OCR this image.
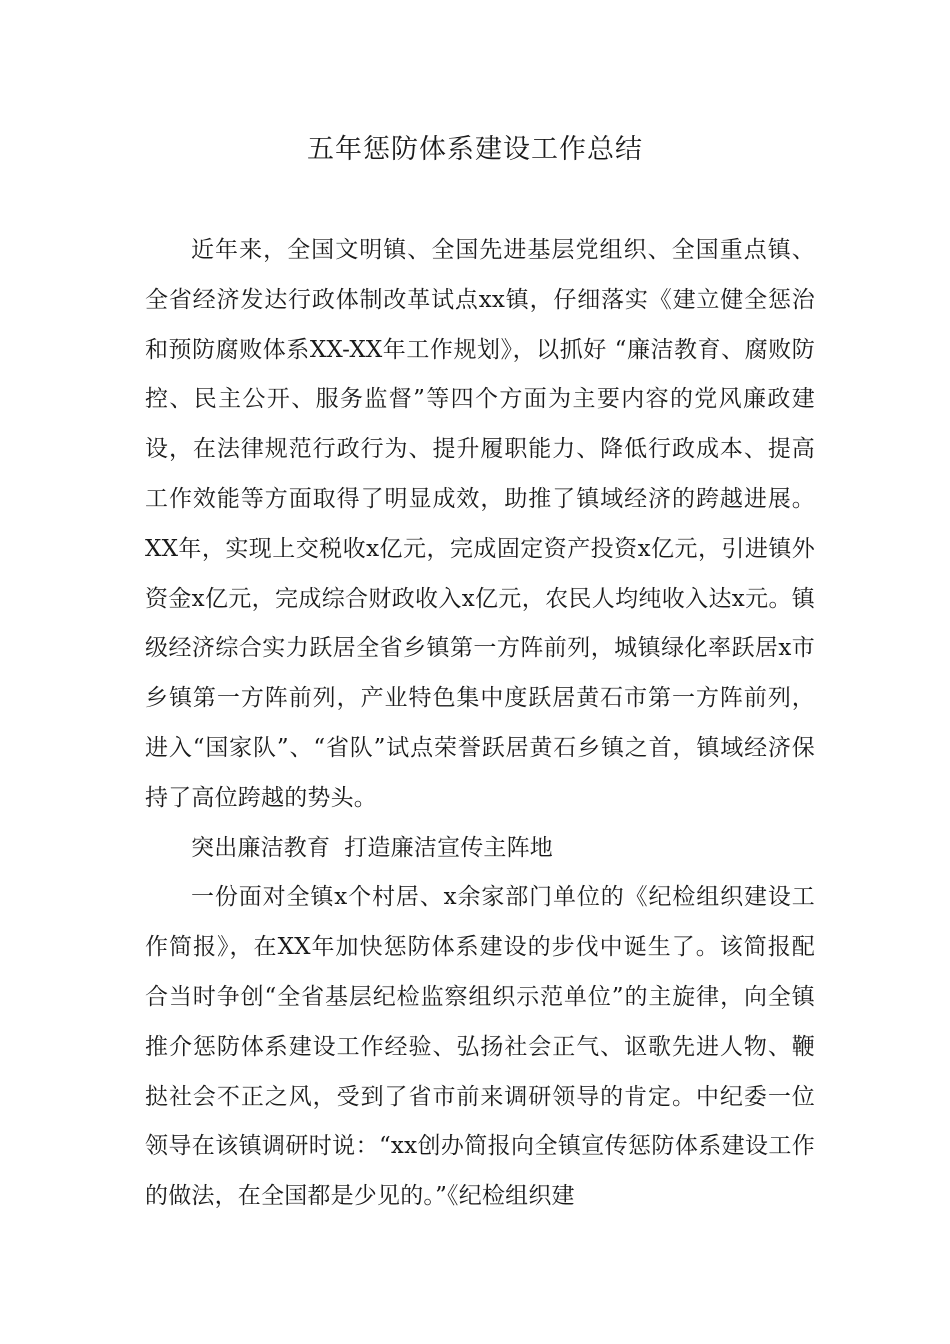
五年惩防体系建设工作总结

近年来，全国文明镇、全国先进基层党组织、全国重点镇、全省经济发达行政体制改革试点xx镇，仔细落实《建立健全惩治和预防腐败体系XX-XX年工作规划》，以抓好 “廉洁教育、腐败防控、民主公开、服务监督”等四个方面为主要内容的党风廉政建设，在法律规范行政行为、提升履职能力、降低行政成本、提高工作效能等方面取得了明显成效，助推了镇域经济的跨越进展。XX年，实现上交税收x亿元，完成固定资产投资x亿元，引进镇外资金x亿元，完成综合财政收入x亿元，农民人均纯收入达x元。镇级经济综合实力跃居全省乡镇第一方阵前列，城镇绿化率跃居x市乡镇第一方阵前列，产业特色集中度跃居黄石市第一方阵前列，进入“国家队”、“省队”试点荣誉跃居黄石乡镇之首，镇域经济保持了高位跨越的势头。

突出廉洁教育 打造廉洁宣传主阵地

一份面对全镇x个村居、x余家部门单位的《纪检组织建设工作简报》，在XX年加快惩防体系建设的步伐中诞生了。该简报配合当时争创“全省基层纪检监察组织示范单位”的主旋律，向全镇推介惩防体系建设工作经验、弘扬社会正气、讴歌先进人物、鞭挞社会不正之风，受到了省市前来调研领导的肯定。中纪委一位领导在该镇调研时说：“xx创办简报向全镇宣传惩防体系建设工作的做法，在全国都是少见的。”《纪检组织建
